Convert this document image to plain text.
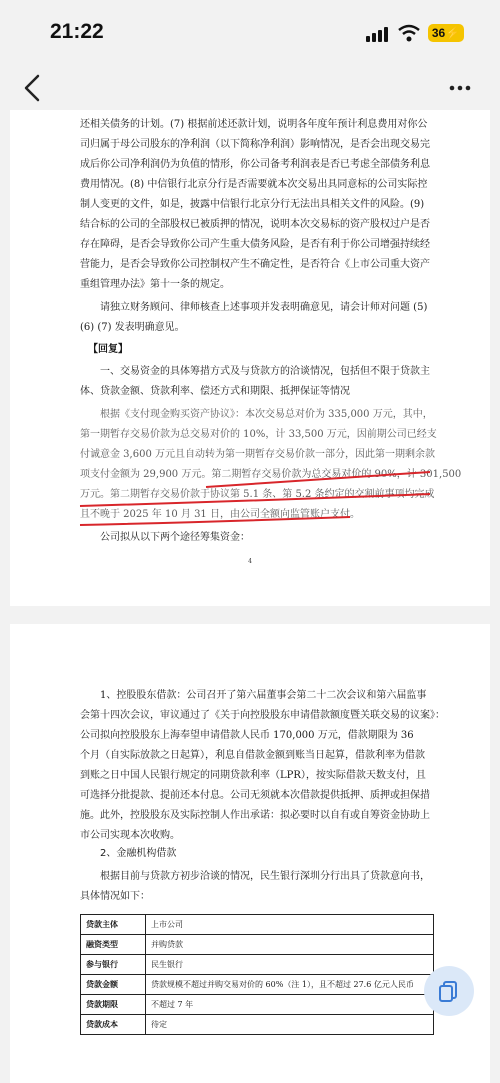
21:22	36⚡
还相关债务的计划。(7) 根据前述还款计划，说明各年度年预计利息费用对你公
司归属于母公司股东的净利润（以下简称净利润）影响情况，是否会出现交易完
成后你公司净利润仍为负值的情形，你公司备考利润表是否已考虑全部债务利息
费用情况。(8) 中信银行北京分行是否需要就本次交易出具同意标的公司实际控
制人变更的文件，如是，披露中信银行北京分行无法出具相关文件的风险。(9)
结合标的公司的全部股权已被质押的情况，说明本次交易标的资产股权过户是否
存在障碍，是否会导致你公司产生重大债务风险，是否有利于你公司增强持续经
营能力，是否会导致你公司控制权产生不确定性，是否符合《上市公司重大资产
重组管理办法》第十一条的规定。
请独立财务顾问、律师核查上述事项并发表明确意见，请会计师对问题 (5)
(6) (7) 发表明确意见。
【回复】
一、交易资金的具体筹措方式及与贷款方的洽谈情况，包括但不限于贷款主
体、贷款金额、贷款利率、偿还方式和期限、抵押保证等情况
根据《支付现金购买资产协议》：本次交易总对价为 335,000 万元，其中，
第一期暂存交易价款为总交易对价的 10%，计 33,500 万元，因前期公司已经支
付诚意金 3,600 万元且自动转为第一期暂存交易价款一部分，因此第一期剩余款
项支付金额为 29,900 万元。第二期暂存交易价款为总交易对价的 90%，计 301,500
万元。第二期暂存交易价款于协议第 5.1 条、第 5.2 条约定的交割前事项均完成
且不晚于 2025 年 10 月 31 日，由公司全额向监管账户支付。
公司拟从以下两个途径筹集资金：
4
1、控股股东借款：公司召开了第六届董事会第二十二次会议和第六届监事
会第十四次会议，审议通过了《关于向控股股东申请借款额度暨关联交易的议案》：
公司拟向控股股东上海奉望申请借款人民币 170,000 万元，借款期限为 36
个月（自实际放款之日起算），利息自借款金额到账当日起算，借款利率为借款
到账之日中国人民银行规定的同期贷款利率（LPR），按实际借款天数支付，且
可选择分批提款、提前还本付息。公司无须就本次借款提供抵押、质押或担保措
施。此外，控股股东及实际控制人作出承诺：拟必要时以自有或自筹资金协助上
市公司实现本次收购。
2、金融机构借款
根据目前与贷款方初步洽谈的情况，民生银行深圳分行出具了贷款意向书，
具体情况如下：
贷款主体	上市公司
融资类型	并购贷款
参与银行	民生银行
贷款金额	贷款规模不超过并购交易对价的 60%（注 1），且不超过 27.6 亿元人民币
贷款期限	不超过 7 年
贷款成本	待定
